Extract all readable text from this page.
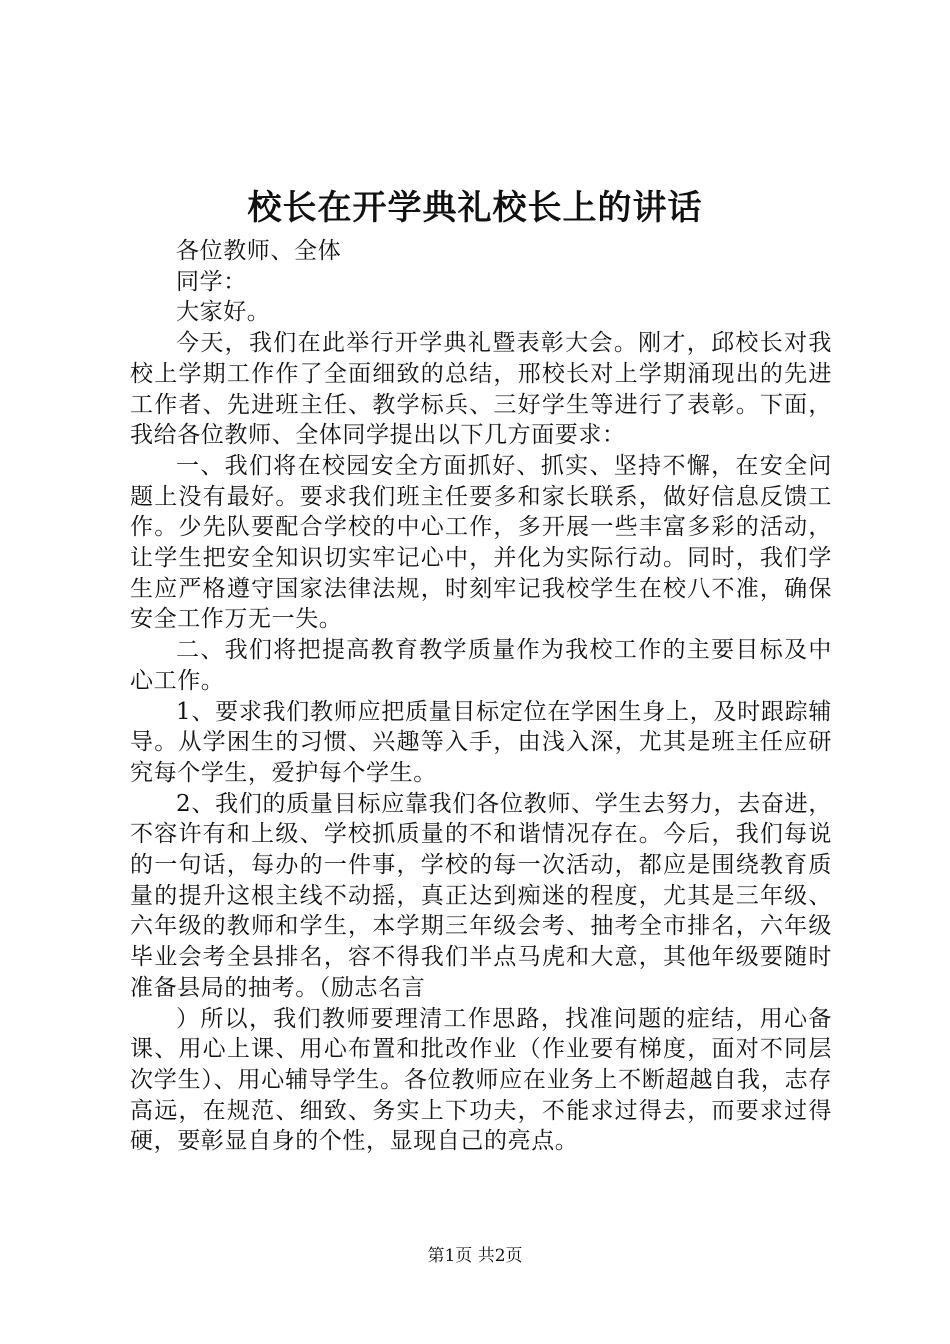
校长在开学典礼校长上的讲话

各位教师、全体

同学：

大家好。

今天，我们在此举行开学典礼暨表彰大会。刚才，邱校长对我校上学期工作作了全面细致的总结，邢校长对上学期涌现出的先进工作者、先进班主任、教学标兵、三好学生等进行了表彰。下面，我给各位教师、全体同学提出以下几方面要求：

一、我们将在校园安全方面抓好、抓实、坚持不懈，在安全问题上没有最好。要求我们班主任要多和家长联系，做好信息反馈工作。少先队要配合学校的中心工作，多开展一些丰富多彩的活动，让学生把安全知识切实牢记心中，并化为实际行动。同时，我们学生应严格遵守国家法律法规，时刻牢记我校学生在校八不准，确保安全工作万无一失。

二、我们将把提高教育教学质量作为我校工作的主要目标及中心工作。

1、要求我们教师应把质量目标定位在学困生身上，及时跟踪辅导。从学困生的习惯、兴趣等入手，由浅入深，尤其是班主任应研究每个学生，爱护每个学生。

2、我们的质量目标应靠我们各位教师、学生去努力，去奋进，不容许有和上级、学校抓质量的不和谐情况存在。今后，我们每说的一句话，每办的一件事，学校的每一次活动，都应是围绕教育质量的提升这根主线不动摇，真正达到痴迷的程度，尤其是三年级、六年级的教师和学生，本学期三年级会考、抽考全市排名，六年级毕业会考全县排名，容不得我们半点马虎和大意，其他年级要随时准备县局的抽考。（励志名言

）所以，我们教师要理清工作思路，找准问题的症结，用心备课、用心上课、用心布置和批改作业（作业要有梯度，面对不同层次学生）、用心辅导学生。各位教师应在业务上不断超越自我，志存高远，在规范、细致、务实上下功夫，不能求过得去，而要求过得硬，要彰显自身的个性，显现自己的亮点。

第1页 共2页
